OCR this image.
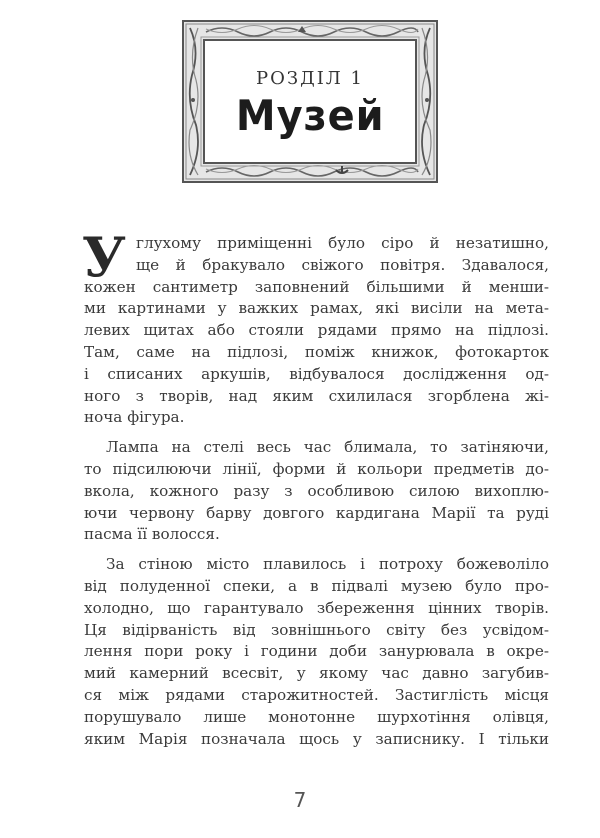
РОЗДІЛ 1
Музей
У глухому приміщенні було сіро й незатишно,
ще й бракувало свіжого повітря. Здавалося,
кожен сантиметр заповнений більшими й менши-
ми картинами у важких рамах, які висіли на мета-
левих щитах або стояли рядами прямо на підлозі.
Там, саме на підлозі, поміж книжок, фотокарток
і списаних аркушів, відбувалося дослідження од-
ного з творів, над яким схилилася згорблена жі-
ноча фігура.
Лампа на стелі весь час блимала, то затіняючи,
то підсилюючи лінії, форми й кольори предметів до-
вкола, кожного разу з особливою силою вихоплю-
ючи червону барву довгого кардигана Марії та руді
пасма її волосся.
За стіною місто плавилось і потроху божеволіло
від полуденної спеки, а в підвалі музею було про-
холодно, що гарантувало збереження цінних творів.
Ця відірваність від зовнішнього світу без усвідом-
лення пори року і години доби занурювала в окре-
мий камерний всесвіт, у якому час давно загубив-
ся між рядами старожитностей. Застиглість місця
порушувало лише монотонне шурхотіння олівця,
яким Марія позначала щось у записнику. І тільки
7
